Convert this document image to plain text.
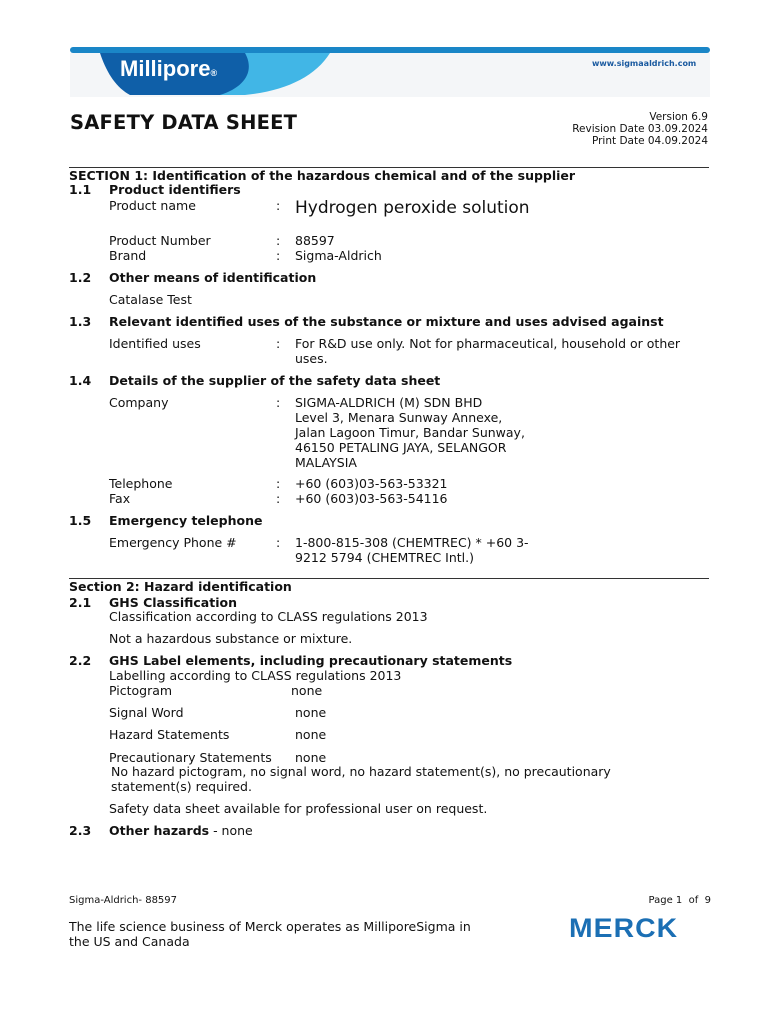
Millipore®
www.sigmaaldrich.com
SAFETY DATA SHEET	Version 6.9
Revision Date 03.09.2024
Print Date 04.09.2024
SECTION 1: Identification of the hazardous chemical and of the supplier
1.1 Product identifiers
Product name	: Hydrogen peroxide solution
Product Number	: 88597
Brand	: Sigma-Aldrich
1.2 Other means of identification
Catalase Test
1.3 Relevant identified uses of the substance or mixture and uses advised against
Identified uses	: For R&D use only. Not for pharmaceutical, household or other
uses.
1.4 Details of the supplier of the safety data sheet
Company	: SIGMA-ALDRICH (M) SDN BHD
Level 3, Menara Sunway Annexe,
Jalan Lagoon Timur, Bandar Sunway,
46150 PETALING JAYA, SELANGOR
MALAYSIA
Telephone	: +60 (603)03-563-53321
Fax	: +60 (603)03-563-54116
1.5 Emergency telephone
Emergency Phone #	: 1-800-815-308 (CHEMTREC) * +60 3-
9212 5794 (CHEMTREC Intl.)
Section 2: Hazard identification
2.1 GHS Classification
Classification according to CLASS regulations 2013
Not a hazardous substance or mixture.
2.2 GHS Label elements, including precautionary statements
Labelling according to CLASS regulations 2013
Pictogram	none
Signal Word	none
Hazard Statements	none
Precautionary Statements none
No hazard pictogram, no signal word, no hazard statement(s), no precautionary
statement(s) required.
Safety data sheet available for professional user on request.
2.3 Other hazards - none
Sigma-Aldrich- 88597	Page 1  of  9
The life science business of Merck operates as MilliporeSigma in
the US and Canada	MERCK
